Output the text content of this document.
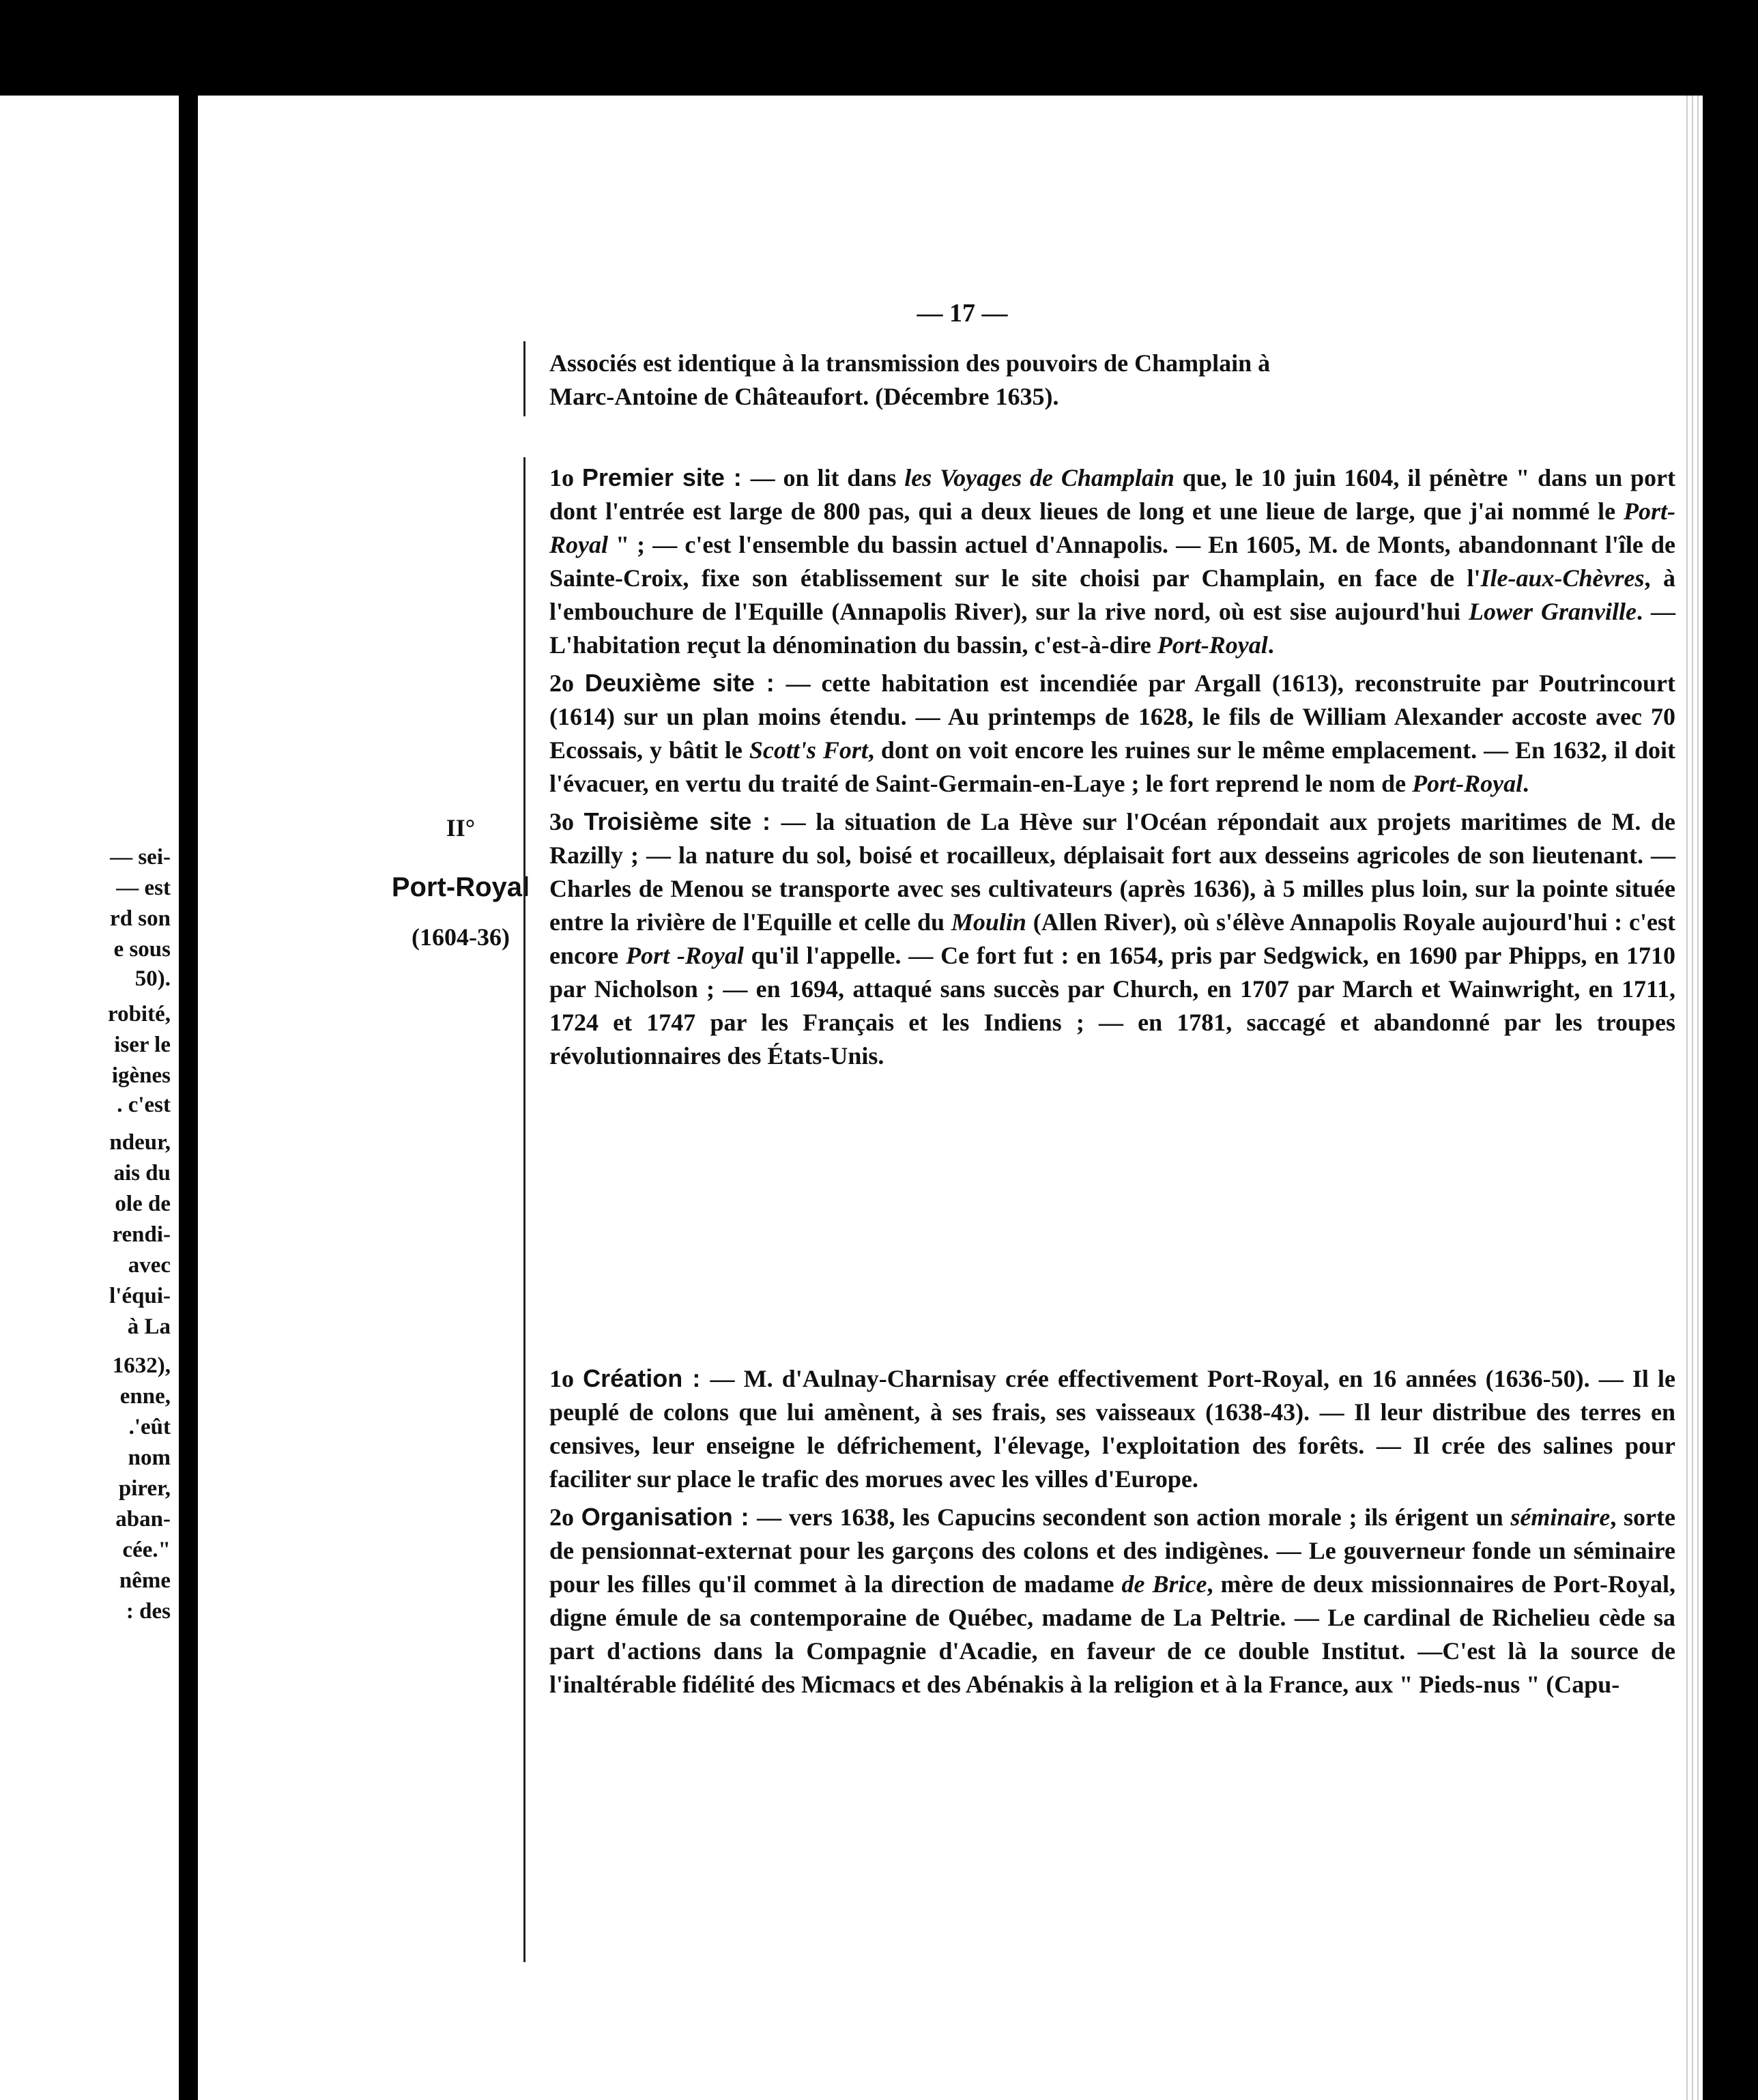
— sei-
— est
rd son
e sous
50).
robité,
iser le
igènes
. c'est
ndeur,
ais du
ole de
rendi-
avec
l'équi-
à La
1632),
enne,
.'eût
nom
pirer,
aban-
cée."
nême
: des
— 17 —

Associés est identique à la transmission des pouvoirs de Champlain à

Marc-Antoine de Châteaufort. (Décembre 1635).

II°
Port-Royal
(1604-36)

1o Premier site : — on lit dans les Voyages de Champlain que, le 10 juin 1604, il pénètre " dans un port dont l'entrée est large de 800 pas, qui a deux lieues de long et une lieue de large, que j'ai nommé le Port-Royal " ; — c'est l'ensemble du bassin actuel d'Annapolis. — En 1605, M. de Monts, abandonnant l'île de Sainte-Croix, fixe son établissement sur le site choisi par Champlain, en face de l'Ile-aux-Chèvres, à l'embouchure de l'Equille (Annapolis River), sur la rive nord, où est sise aujourd'hui Lower Granville. — L'habitation reçut la dénomination du bassin, c'est-à-dire Port-Royal.

2o Deuxième site : — cette habitation est incendiée par Argall (1613), reconstruite par Poutrincourt (1614) sur un plan moins étendu. — Au printemps de 1628, le fils de William Alexander accoste avec 70 Ecossais, y bâtit le Scott's Fort, dont on voit encore les ruines sur le même emplacement. — En 1632, il doit l'évacuer, en vertu du traité de Saint-Germain-en-Laye ; le fort reprend le nom de Port-Royal.

3o Troisième site : — la situation de La Hève sur l'Océan répondait aux projets maritimes de M. de Razilly ; — la nature du sol, boisé et rocailleux, déplaisait fort aux desseins agricoles de son lieutenant. — Charles de Menou se transporte avec ses cultivateurs (après 1636), à 5 milles plus loin, sur la pointe située entre la rivière de l'Equille et celle du Moulin (Allen River), où s'élève Annapolis Royale aujourd'hui : c'est encore Port -Royal qu'il l'appelle. — Ce fort fut : en 1654, pris par Sedgwick, en 1690 par Phipps, en 1710 par Nicholson ; — en 1694, attaqué sans succès par Church, en 1707 par March et Wainwright, en 1711, 1724 et 1747 par les Français et les Indiens ; — en 1781, saccagé et abandonné par les troupes révolutionnaires des États-Unis.

1o Création : — M. d'Aulnay-Charnisay crée effectivement Port-Royal, en 16 années (1636-50). — Il le peuplé de colons que lui amènent, à ses frais, ses vaisseaux (1638-43). — Il leur distribue des terres en censives, leur enseigne le défrichement, l'élevage, l'exploitation des forêts. — Il crée des salines pour faciliter sur place le trafic des morues avec les villes d'Europe.

2o Organisation : — vers 1638, les Capucins secondent son action morale ; ils érigent un séminaire, sorte de pensionnat-externat pour les garçons des colons et des indigènes. — Le gouverneur fonde un séminaire pour les filles qu'il commet à la direction de madame de Brice, mère de deux missionnaires de Port-Royal, digne émule de sa contemporaine de Québec, madame de La Peltrie. — Le cardinal de Richelieu cède sa part d'actions dans la Compagnie d'Acadie, en faveur de ce double Institut. —C'est là la source de l'inaltérable fidélité des Micmacs et des Abénakis à la religion et à la France, aux " Pieds-nus " (Capu-
